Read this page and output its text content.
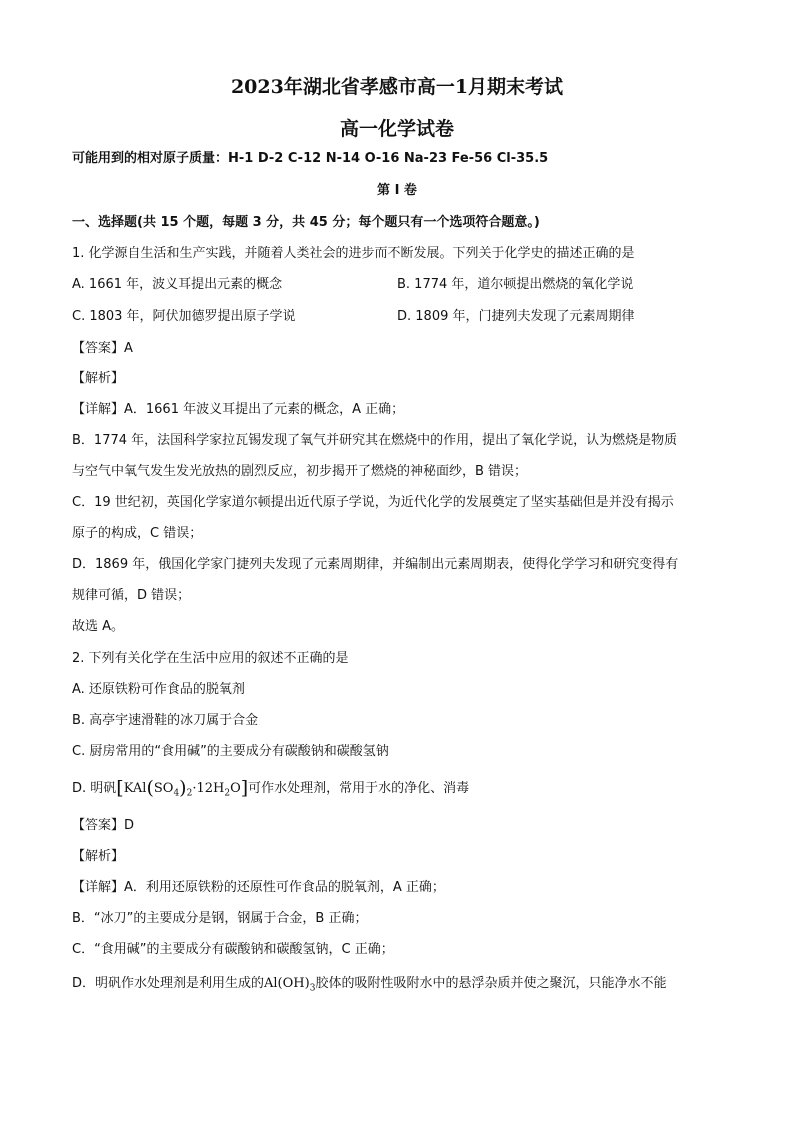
2023年湖北省孝感市高一1月期末考试
高一化学试卷
可能用到的相对原子质量：H-1 D-2 C-12 N-14 O-16 Na-23 Fe-56 Cl-35.5
第 I 卷
一、选择题(共 15 个题，每题 3 分，共 45 分；每个题只有一个选项符合题意。)
1. 化学源自生活和生产实践，并随着人类社会的进步而不断发展。下列关于化学史的描述正确的是
A. 1661 年，波义耳提出元素的概念	B. 1774 年，道尔顿提出燃烧的氧化学说
C. 1803 年，阿伏加德罗提出原子学说	D. 1809 年，门捷列夫发现了元素周期律
【答案】A
【解析】
【详解】A．1661 年波义耳提出了元素的概念，A 正确；
B．1774 年，法国科学家拉瓦锡发现了氧气并研究其在燃烧中的作用，提出了氧化学说，认为燃烧是物质
与空气中氧气发生发光放热的剧烈反应，初步揭开了燃烧的神秘面纱，B 错误；
C．19 世纪初，英国化学家道尔顿提出近代原子学说，为近代化学的发展奠定了坚实基础但是并没有揭示
原子的构成，C 错误；
D．1869 年，俄国化学家门捷列夫发现了元素周期律，并编制出元素周期表，使得化学学习和研究变得有
规律可循，D 错误；
故选 A。
2. 下列有关化学在生活中应用的叙述不正确的是
A. 还原铁粉可作食品的脱氧剂
B. 高亭宇速滑鞋的冰刀属于合金
C. 厨房常用的“食用碱”的主要成分有碳酸钠和碳酸氢钠
D. 明矾$[KAl(SO_4)_2\cdot 12H_2O]$可作水处理剂，常用于水的净化、消毒
【答案】D
【解析】
【详解】A．利用还原铁粉的还原性可作食品的脱氧剂，A 正确；
B．“冰刀”的主要成分是钢，钢属于合金，B 正确；
C．“食用碱”的主要成分有碳酸钠和碳酸氢钠，C 正确；
D．明矾作水处理剂是利用生成的$Al(OH)_3$胶体的吸附性吸附水中的悬浮杂质并使之聚沉，只能净水不能
